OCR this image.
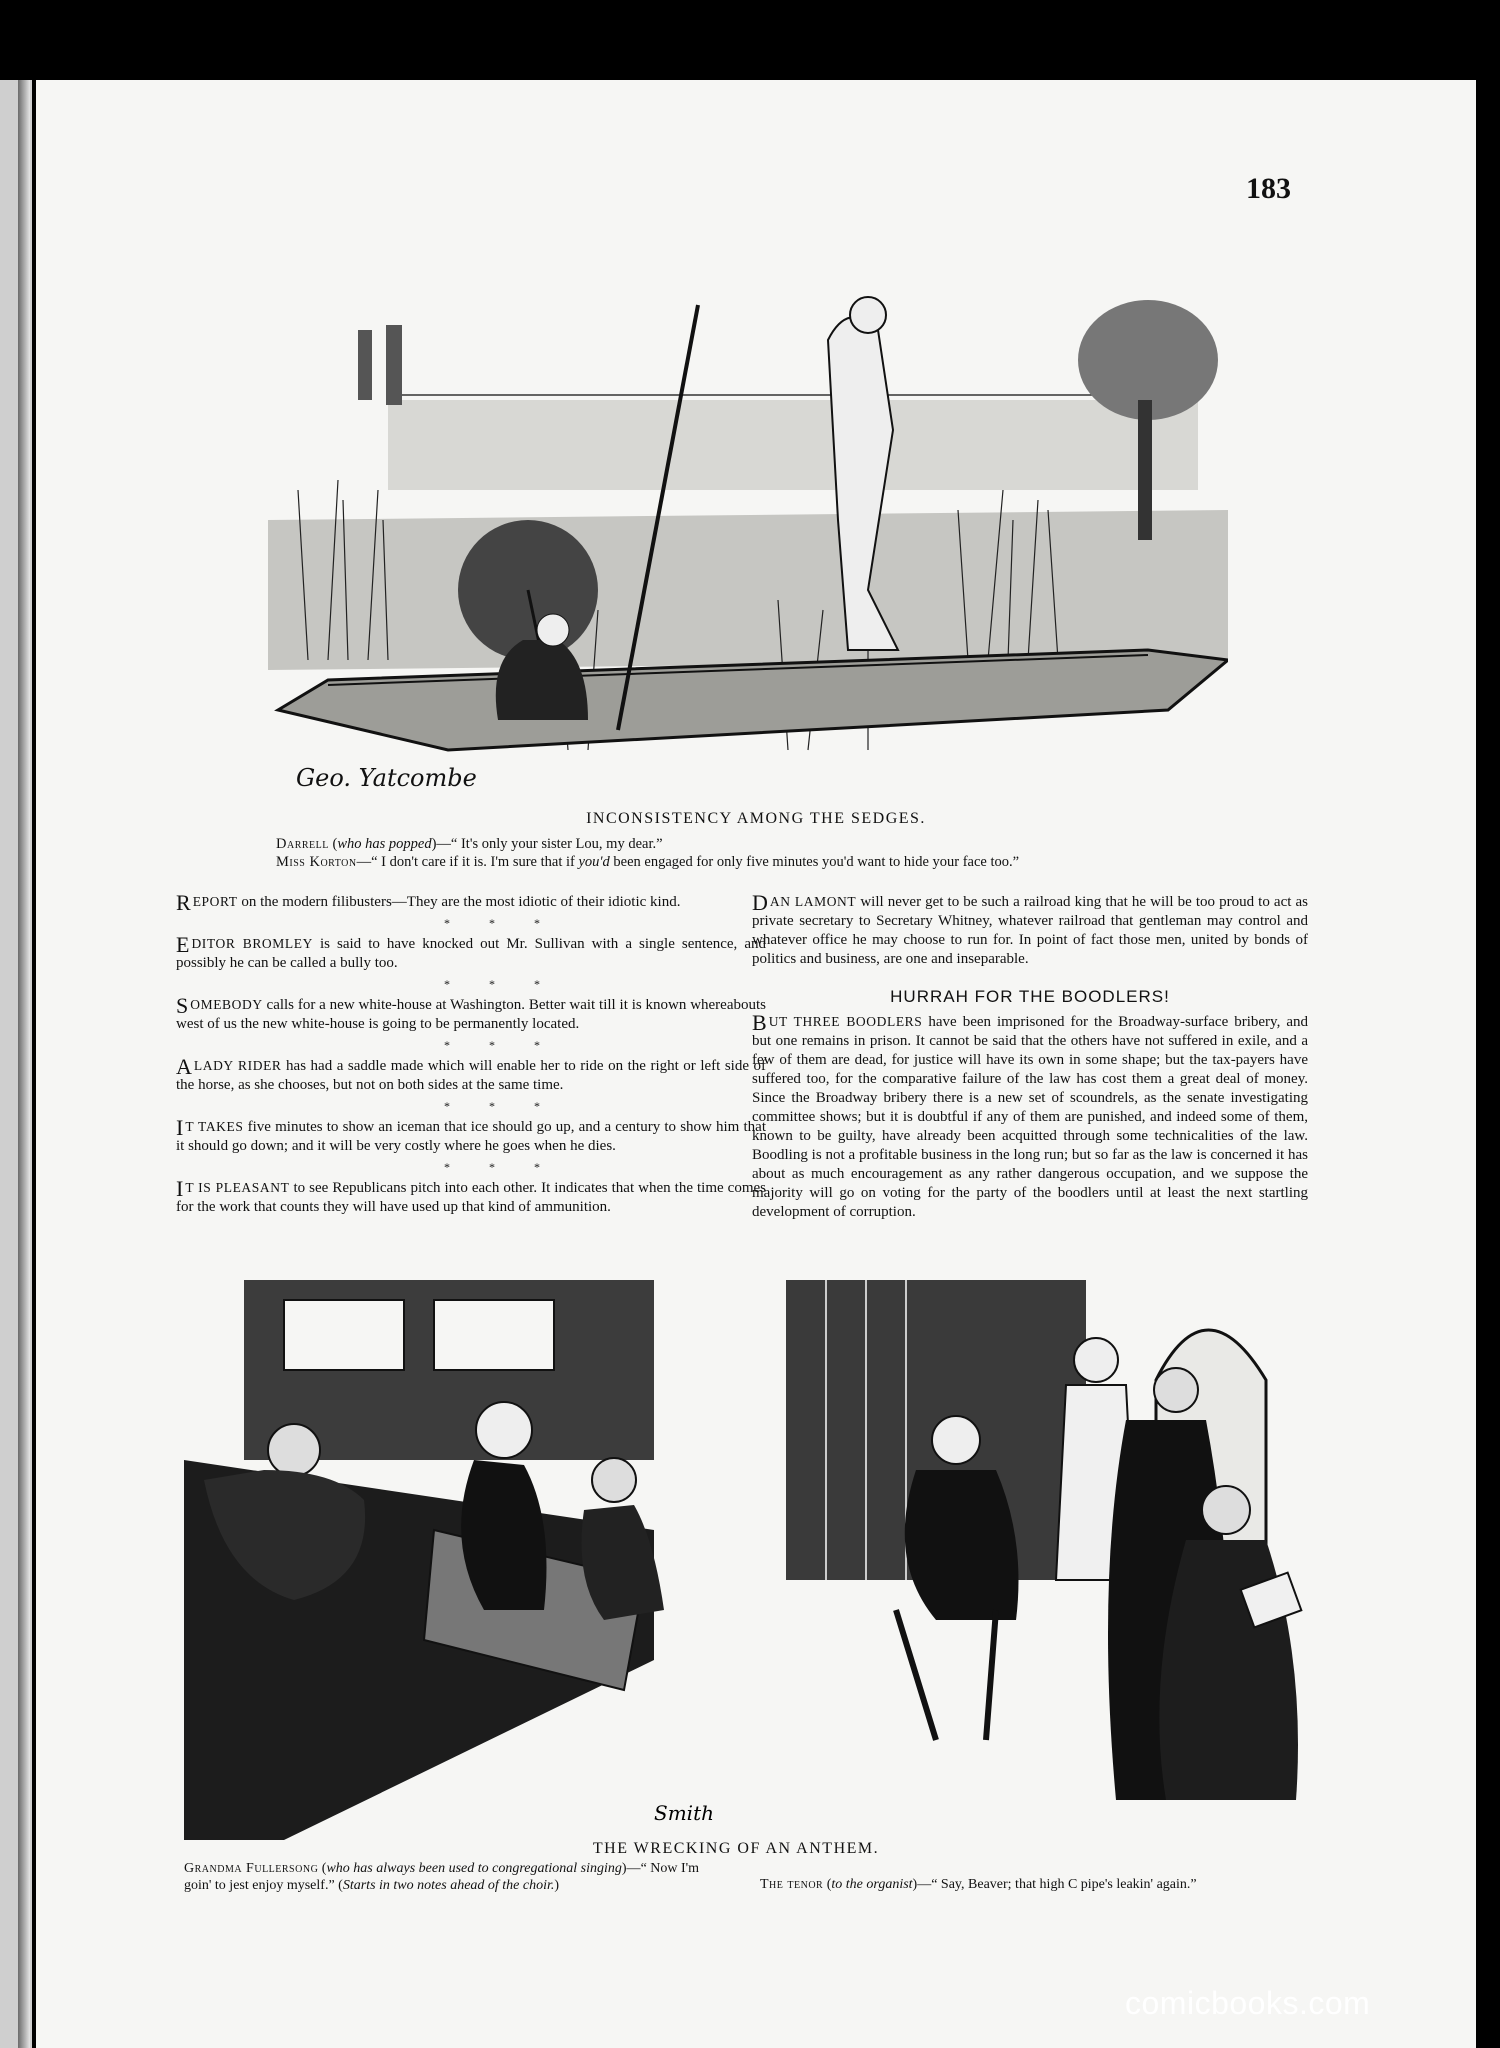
183
Geo. Yatcombe
INCONSISTENCY AMONG THE SEDGES.
Darrell (who has popped)—“ It's only your sister Lou, my dear.”
Miss Korton—“ I don't care if it is. I'm sure that if you'd been engaged for only five minutes you'd want to hide your face too.”
REPORT on the modern filibusters—They are the most idiotic of their idiotic kind.
* * *
EDITOR BROMLEY is said to have knocked out Mr. Sullivan with a single sentence, and possibly he can be called a bully too.
* * *
SOMEBODY calls for a new white-house at Washington. Better wait till it is known whereabouts west of us the new white-house is going to be permanently located.
* * *
A LADY RIDER has had a saddle made which will enable her to ride on the right or left side of the horse, as she chooses, but not on both sides at the same time.
* * *
I T TAKES five minutes to show an iceman that ice should go up, and a century to show him that it should go down; and it will be very costly where he goes when he dies.
* * *
I T IS PLEASANT to see Republicans pitch into each other. It indicates that when the time comes for the work that counts they will have used up that kind of ammunition.
DAN LAMONT will never get to be such a railroad king that he will be too proud to act as private secretary to Secretary Whitney, whatever railroad that gentleman may control and whatever office he may choose to run for. In point of fact those men, united by bonds of politics and business, are one and inseparable.
HURRAH FOR THE BOODLERS!
BUT THREE BOODLERS have been imprisoned for the Broadway-surface bribery, and but one remains in prison. It cannot be said that the others have not suffered in exile, and a few of them are dead, for justice will have its own in some shape; but the tax-payers have suffered too, for the comparative failure of the law has cost them a great deal of money. Since the Broadway bribery there is a new set of scoundrels, as the senate investigating committee shows; but it is doubtful if any of them are punished, and indeed some of them, known to be guilty, have already been acquitted through some technicalities of the law. Boodling is not a profitable business in the long run; but so far as the law is concerned it has about as much encouragement as any rather dangerous occupation, and we suppose the majority will go on voting for the party of the boodlers until at least the next startling development of corruption.
Smith
THE WRECKING OF AN ANTHEM.
Grandma Fullersong (who has always been used to congregational singing)—“ Now I'm goin' to jest enjoy myself.” (Starts in two notes ahead of the choir.)	The tenor (to the organist)—“ Say, Beaver; that high C pipe's leakin' again.”
comicbooks.com
